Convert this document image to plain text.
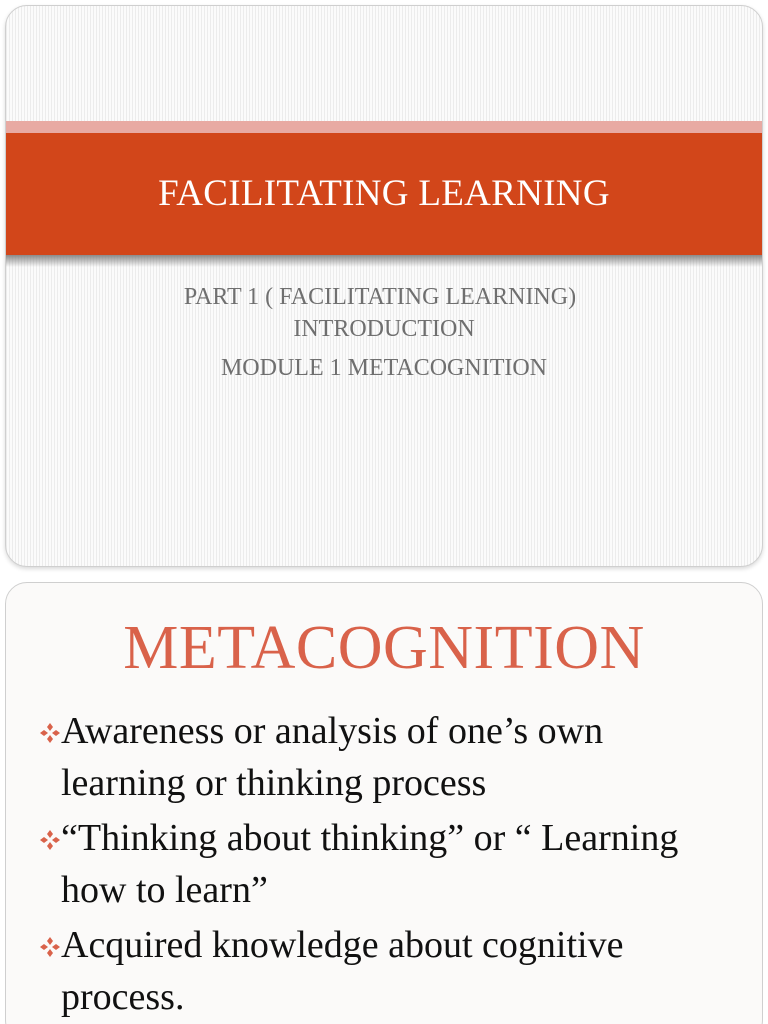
FACILITATING LEARNING
PART 1 ( FACILITATING LEARNING)
INTRODUCTION
MODULE 1 METACOGNITION
METACOGNITION
Awareness or analysis of one’s own learning or thinking process
“Thinking about thinking” or “ Learning how to learn”
Acquired knowledge about cognitive process.
